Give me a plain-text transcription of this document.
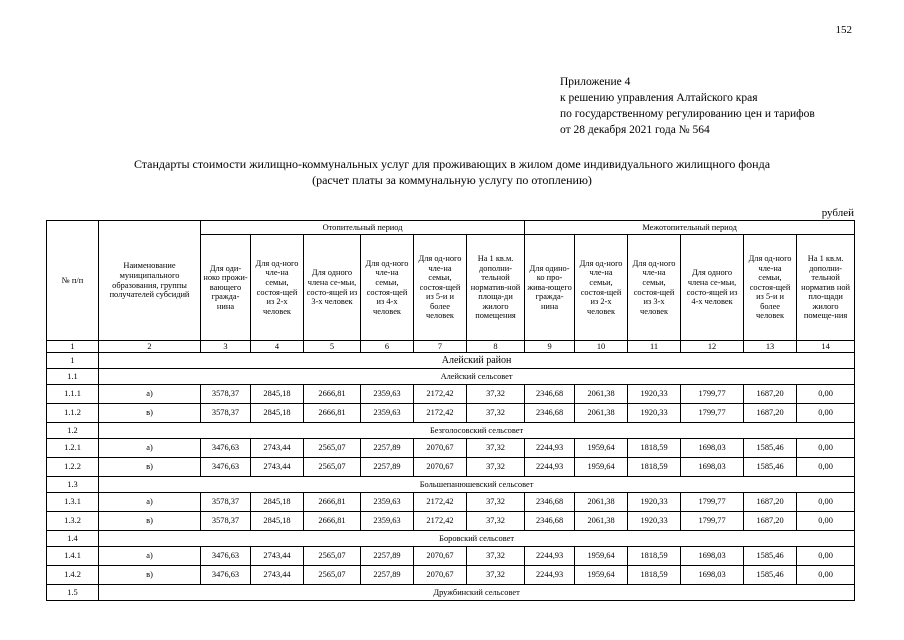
152
Приложение 4
к решению управления Алтайского края
по государственному регулированию цен и тарифов
от 28 декабря 2021 года № 564
Стандарты стоимости жилищно-коммунальных услуг для проживающих в жилом доме индивидуального жилищного фонда
(расчет платы за коммунальную услугу по отоплению)
рублей
№ п/п	Наименование муниципального образования, группы получателей субсидий	Отопительный период						Межотопительный период					
		Для оди-ноко прожи-вающего гражда-нина	Для од-ного чле-на семьи, состоя-щей из 2-х человек	Для одного члена се-мьи, состо-ящей из 3-х человек	Для од-ного чле-на семьи, состоя-щей из 4-х человек	Для од-ного чле-на семьи, состоя-щей из 5-и и более человек	На 1 кв.м. дополни-тельной норматив-ной площа-ди жилого помещения	Для одино-ко про-жива-ющего гражда-нина	Для од-ного чле-на семьи, состоя-щей из 2-х человек	Для од-ного чле-на семьи, состоя-щей из 3-х человек	Для одного члена се-мьи, состо-ящей из 4-х человек	Для од-ного чле-на семьи, состоя-щей из 5-и и более человек	На 1 кв.м. дополни-тельной норматив ной пло-щади жилого помеще-ния
1	2	3	4	5	6	7	8	9	10	11	12	13	14
1	Алейский район												
1.1	Алейский сельсовет												
1.1.1	а)	3578,37	2845,18	2666,81	2359,63	2172,42	37,32	2346,68	2061,38	1920,33	1799,77	1687,20	0,00
1.1.2	в)	3578,37	2845,18	2666,81	2359,63	2172,42	37,32	2346,68	2061,38	1920,33	1799,77	1687,20	0,00
1.2	Безголосовский сельсовет												
1.2.1	а)	3476,63	2743,44	2565,07	2257,89	2070,67	37,32	2244,93	1959,64	1818,59	1698,03	1585,46	0,00
1.2.2	в)	3476,63	2743,44	2565,07	2257,89	2070,67	37,32	2244,93	1959,64	1818,59	1698,03	1585,46	0,00
1.3	Большепанюшевский сельсовет												
1.3.1	а)	3578,37	2845,18	2666,81	2359,63	2172,42	37,32	2346,68	2061,38	1920,33	1799,77	1687,20	0,00
1.3.2	в)	3578,37	2845,18	2666,81	2359,63	2172,42	37,32	2346,68	2061,38	1920,33	1799,77	1687,20	0,00
1.4	Боровский сельсовет												
1.4.1	а)	3476,63	2743,44	2565,07	2257,89	2070,67	37,32	2244,93	1959,64	1818,59	1698,03	1585,46	0,00
1.4.2	в)	3476,63	2743,44	2565,07	2257,89	2070,67	37,32	2244,93	1959,64	1818,59	1698,03	1585,46	0,00
1.5	Дружбинский сельсовет												
